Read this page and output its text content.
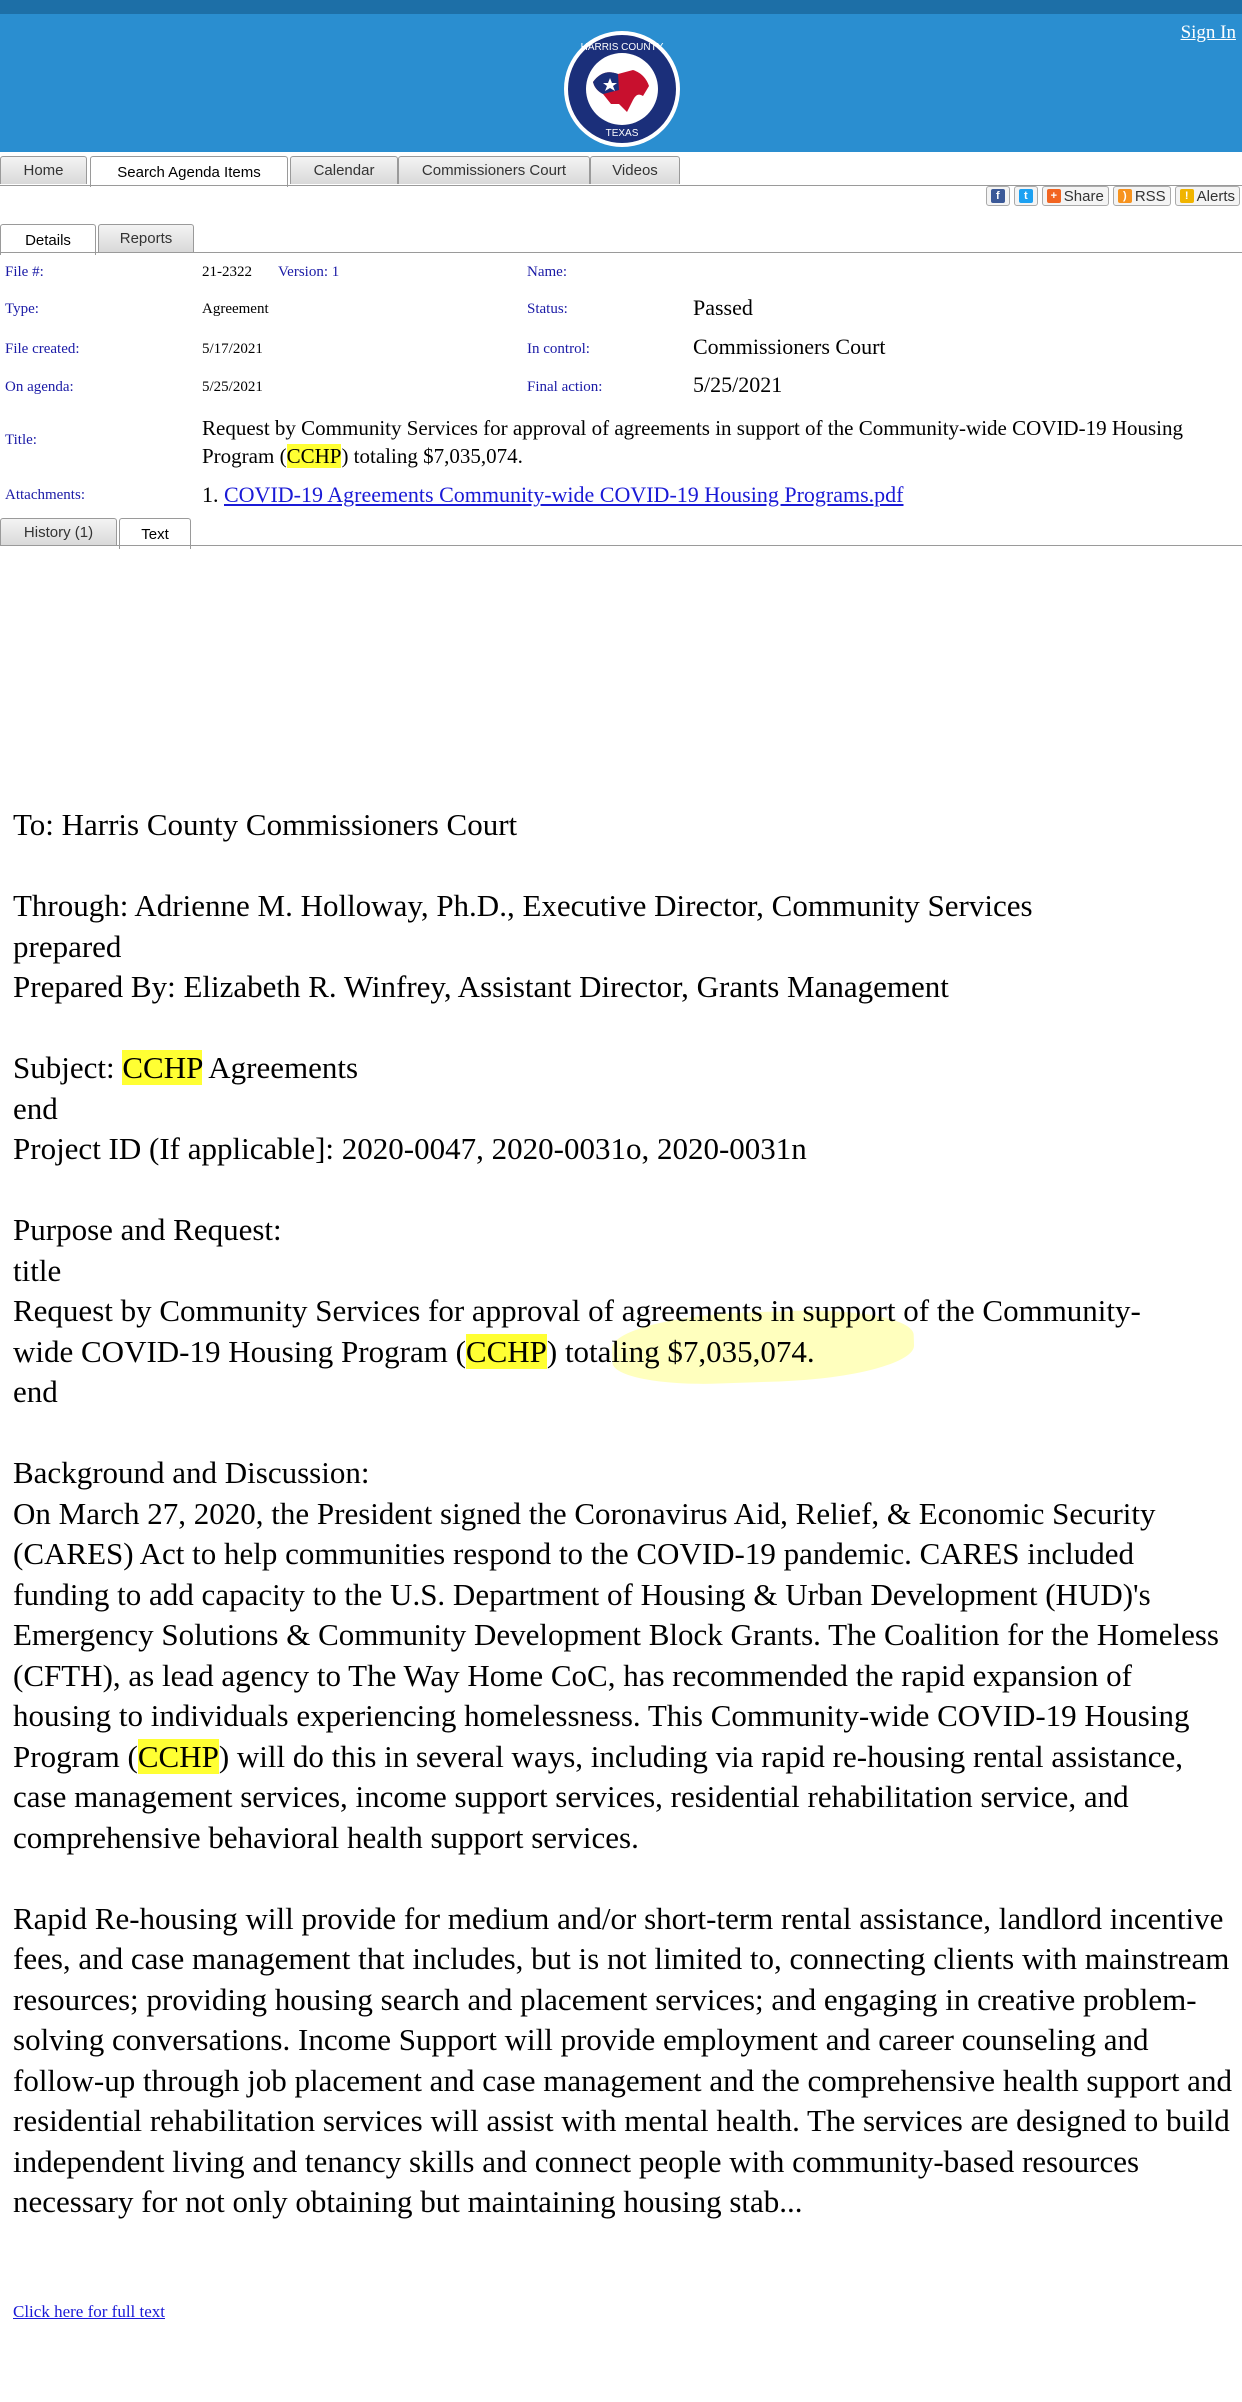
Sign In
HARRIS COUNTY
TEXAS
Home	Search Agenda Items	Calendar	Commissioners Court	Videos
f	t	+ Share	) RSS	! Alerts
Details	Reports
File #:	21-2322 Version: 1	Name:
Type:	Agreement	Status:	Passed
File created:	5/17/2021	In control:	Commissioners Court
On agenda:	5/25/2021	Final action:	5/25/2021
Title:	Request by Community Services for approval of agreements in support of the Community-wide COVID-19 Housing Program (CCHP) totaling $7,035,074.
Attachments:	1. COVID-19 Agreements Community-wide COVID-19 Housing Programs.pdf
History (1)	Text

To: Harris County Commissioners Court

Through: Adrienne M. Holloway, Ph.D., Executive Director, Community Services

prepared

Prepared By: Elizabeth R. Winfrey, Assistant Director, Grants Management

Subject: CCHP Agreements

end

Project ID (If applicable]: 2020-0047, 2020-0031o, 2020-0031n

Purpose and Request:

title

Request by Community Services for approval of agreements in support of the Community-

wide COVID-19 Housing Program (CCHP) totaling $7,035,074.

end

Background and Discussion:

On March 27, 2020, the President signed the Coronavirus Aid, Relief, & Economic Security (CARES) Act to help communities respond to the COVID-19 pandemic. CARES included funding to add capacity to the U.S. Department of Housing & Urban Development (HUD)'s Emergency Solutions & Community Development Block Grants. The Coalition for the Homeless (CFTH), as lead agency to The Way Home CoC, has recommended the rapid expansion of housing to individuals experiencing homelessness. This Community-wide COVID-19 Housing Program (CCHP) will do this in several ways, including via rapid re-housing rental assistance, case management services, income support services, residential rehabilitation service, and comprehensive behavioral health support services.

Rapid Re-housing will provide for medium and/or short-term rental assistance, landlord incentive fees, and case management that includes, but is not limited to, connecting clients with mainstream resources; providing housing search and placement services; and engaging in creative problem-solving conversations. Income Support will provide employment and career counseling and follow-up through job placement and case management and the comprehensive health support and residential rehabilitation services will assist with mental health. The services are designed to build independent living and tenancy skills and connect people with community-based resources necessary for not only obtaining but maintaining housing stab...

Click here for full text
